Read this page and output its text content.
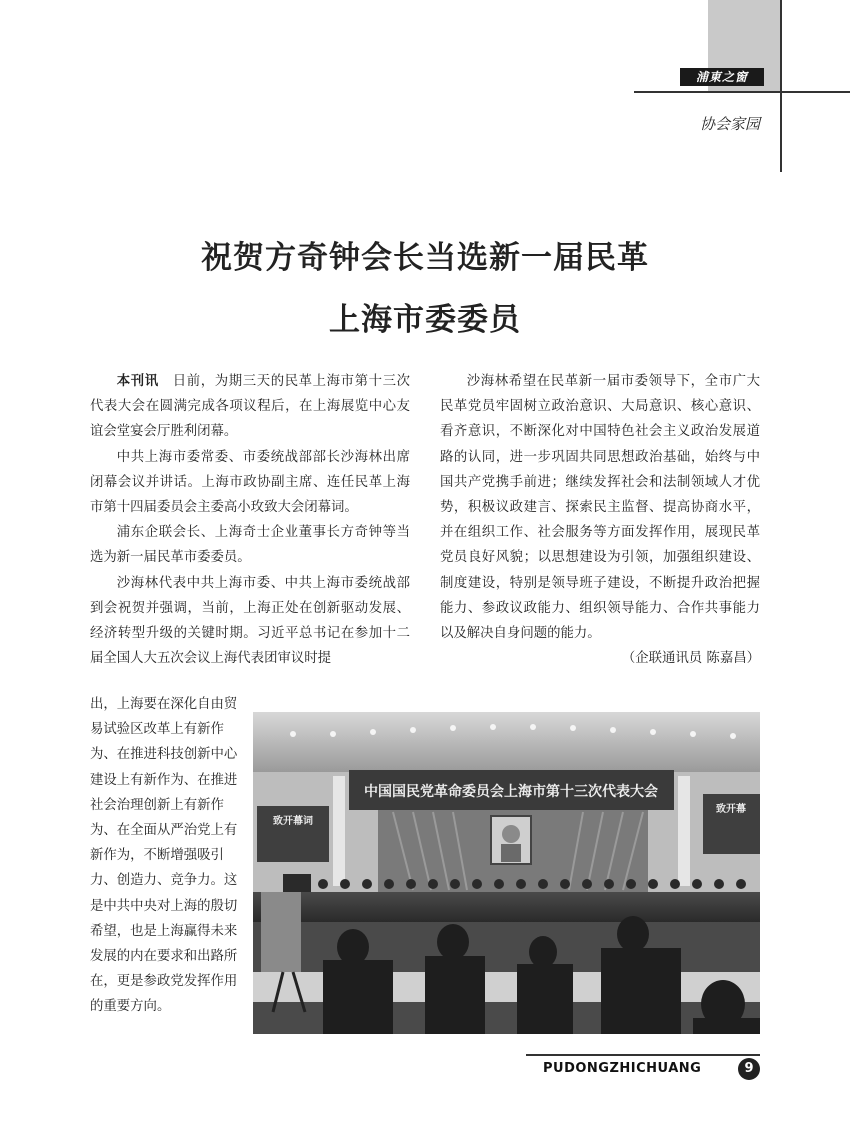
浦東之窗
协会家园
祝贺方奇钟会长当选新一届民革
上海市委委员

本刊讯  日前，为期三天的民革上海市第十三次代表大会在圆满完成各项议程后，在上海展览中心友谊会堂宴会厅胜利闭幕。

中共上海市委常委、市委统战部部长沙海林出席闭幕会议并讲话。上海市政协副主席、连任民革上海市第十四届委员会主委高小玫致大会闭幕词。

浦东企联会长、上海奇士企业董事长方奇钟等当选为新一届民革市委委员。

沙海林代表中共上海市委、中共上海市委统战部到会祝贺并强调，当前，上海正处在创新驱动发展、经济转型升级的关键时期。习近平总书记在参加十二届全国人大五次会议上海代表团审议时提

出，上海要在深化自由贸易试验区改革上有新作为、在推进科技创新中心建设上有新作为、在推进社会治理创新上有新作为、在全面从严治党上有新作为，不断增强吸引力、创造力、竞争力。这是中共中央对上海的殷切希望，也是上海赢得未来发展的内在要求和出路所在，更是参政党发挥作用的重要方向。

沙海林希望在民革新一届市委领导下，全市广大民革党员牢固树立政治意识、大局意识、核心意识、看齐意识，不断深化对中国特色社会主义政治发展道路的认同，进一步巩固共同思想政治基础，始终与中国共产党携手前进；继续发挥社会和法制领域人才优势，积极议政建言、探索民主监督、提高协商水平，并在组织工作、社会服务等方面发挥作用，展现民革党员良好风貌；以思想建设为引领，加强组织建设、制度建设，特别是领导班子建设，不断提升政治把握能力、参政议政能力、组织领导能力、合作共事能力以及解决自身问题的能力。

（企联通讯员 陈嘉昌）

中国国民党革命委员会上海市第十三次代表大会
致开幕词
致开幕
PUDONGZHICHUANG	9
